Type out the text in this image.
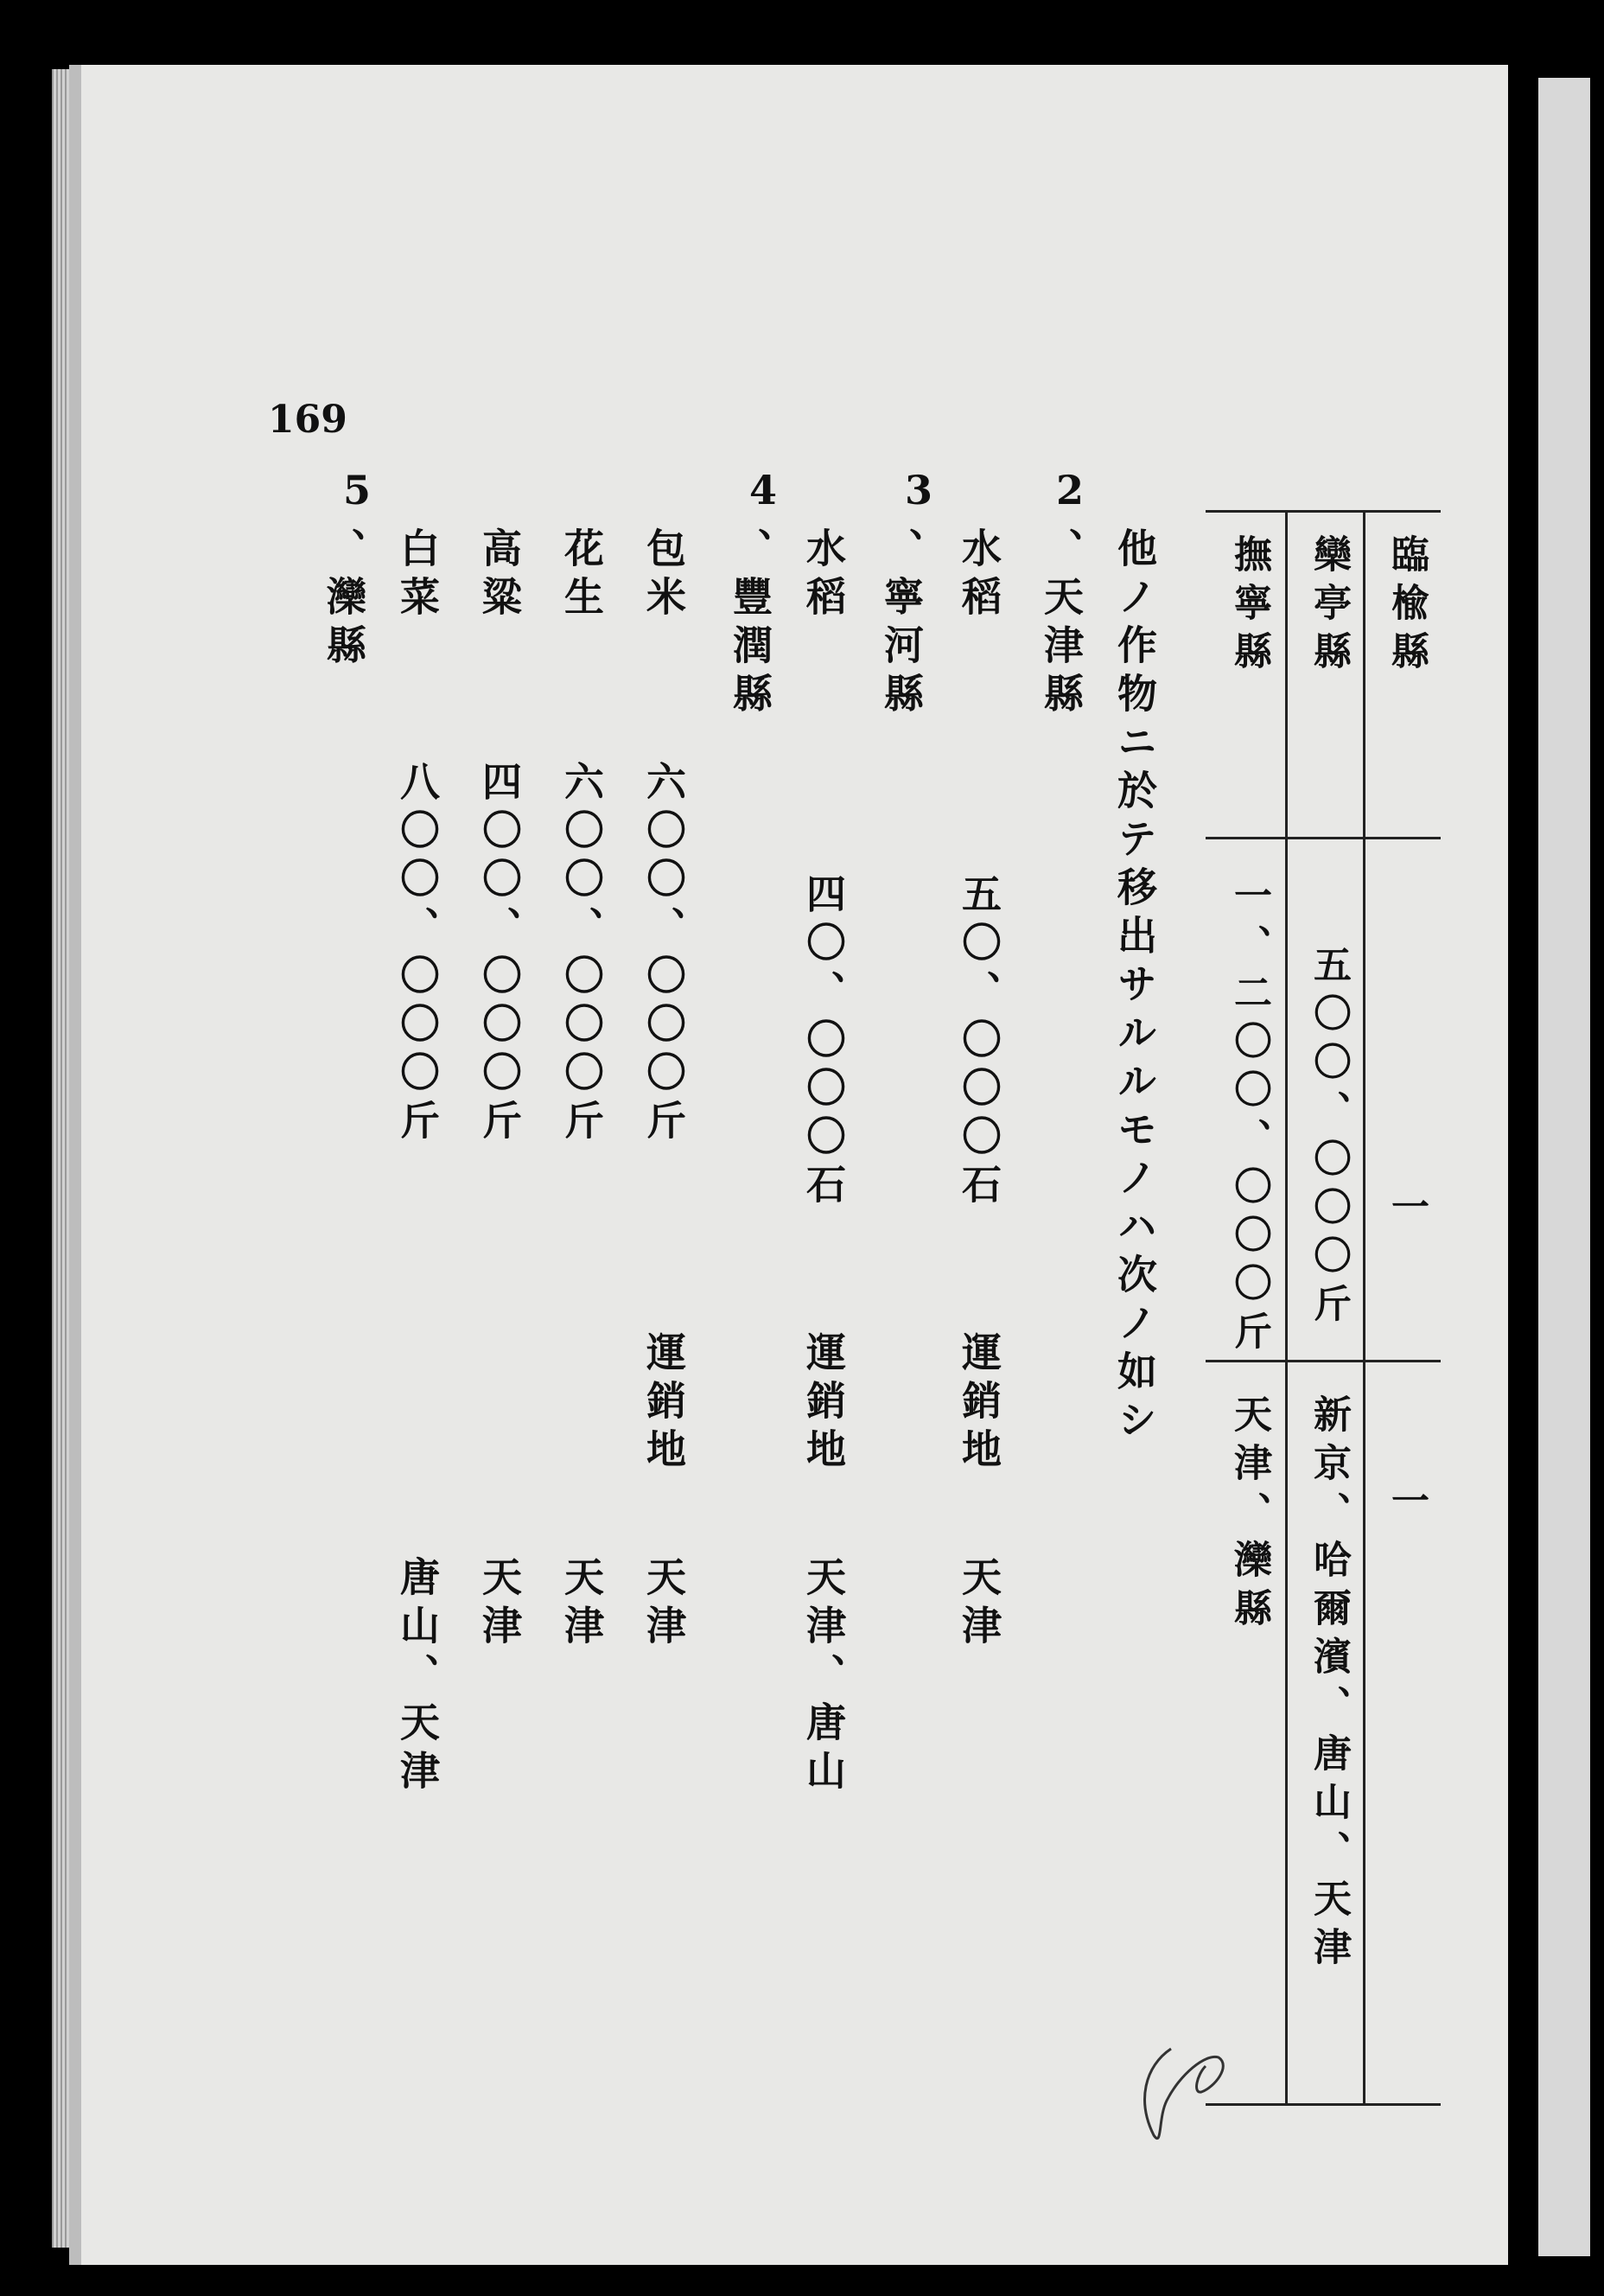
169
臨楡縣
欒亭縣
撫寧縣
一
五〇〇、〇〇〇斤
一、二〇〇、〇〇〇斤
一
新京、哈爾濱、唐山、天津
天津、灤縣
他ノ作物ニ於テ移出サルルモノハ次ノ如シ
2
、天津縣
水稻
五〇、〇〇〇石
運銷地
天津
3
、寧河縣
水稻
四〇、〇〇〇石
運銷地
天津、唐山
4
、豐潤縣
包米
六〇〇、〇〇〇斤
運銷地
天津
花生
六〇〇、〇〇〇斤
天津
高粱
四〇〇、〇〇〇斤
天津
白菜
八〇〇、〇〇〇斤
唐山、天津
5
、灤縣
